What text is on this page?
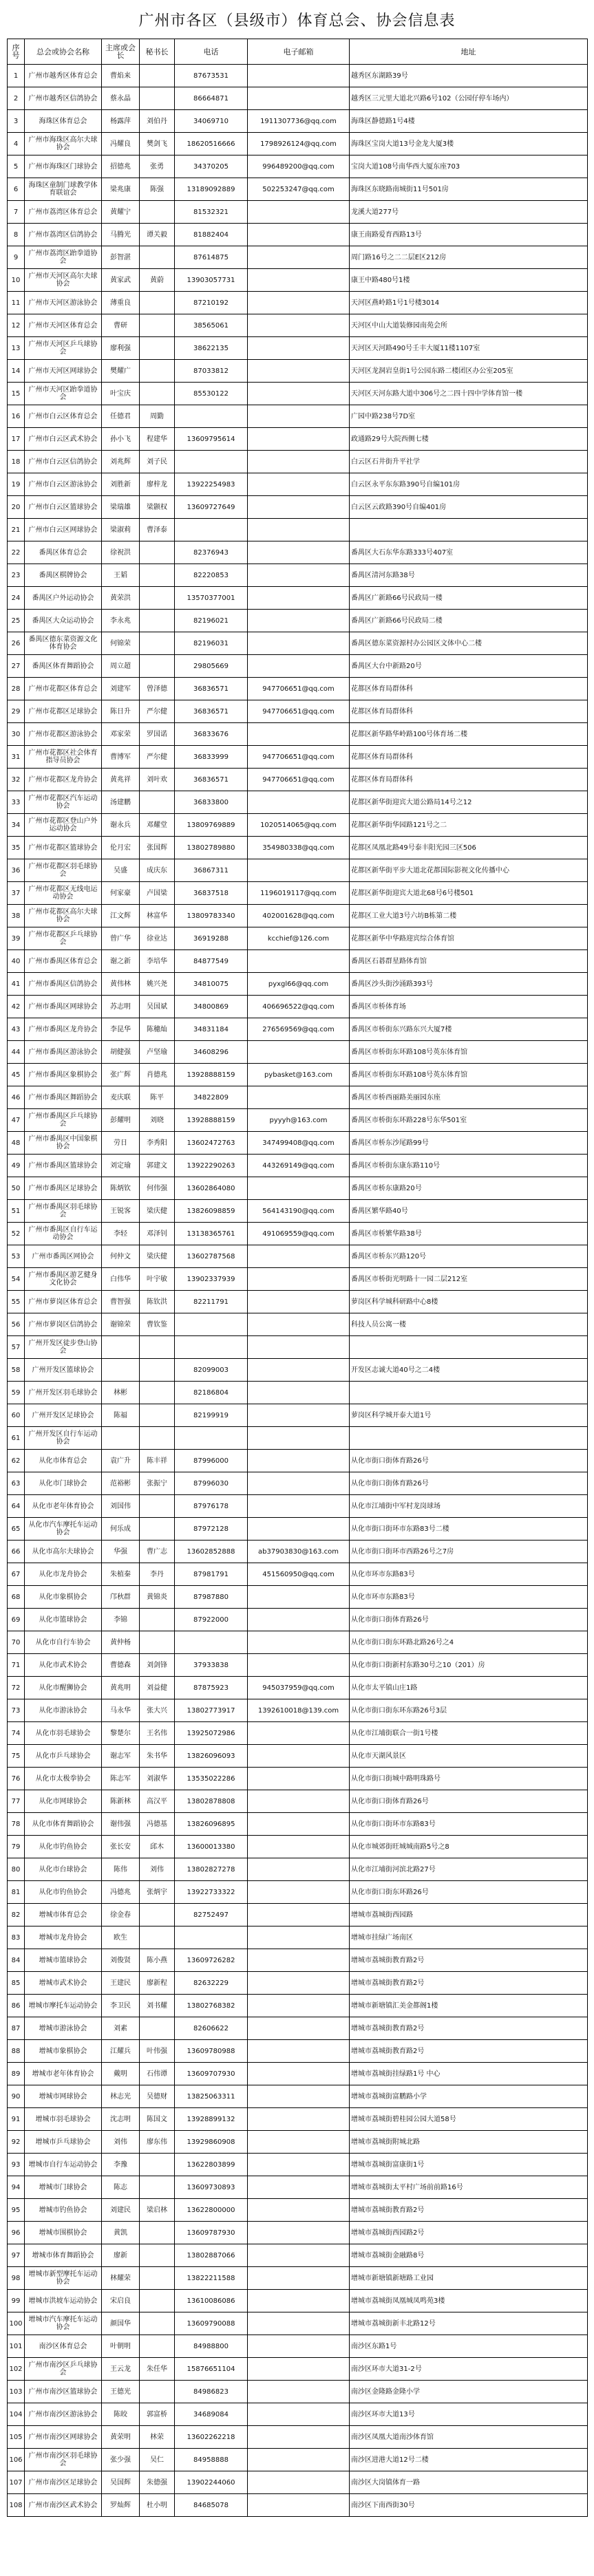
广州市各区（县级市）体育总会、协会信息表
序号	总会或协会名称	主席或会长	秘书长	电话	电子邮箱	地址
1	广州市越秀区体育总会	曹焰来		87673531		越秀区东湖路39号
2	广州市越秀区信鸽协会	蔡永晶		86664871		越秀区三元里大道北兴路6号102（公园仔停车场内）
3	海珠区体育总会	杨露萍	刘伯丹	34069710	1911307736@qq.com	海珠区静德路1号4楼
4	广州市海珠区高尔夫球协会	冯耀良	樊剑飞	18620516666	1798926124@qq.com	海珠区宝岗大道13号金龙大厦3楼
5	广州市海珠区门球协会	招德兆	张勇	34370205	996489200@qq.com	宝岗大道108号南华西大厦东座703
6	海珠区童制门球教学体育联谊会	梁兆康	陈强	13189092889	502253247@qq.com	海珠区东晓路南城街11号501房
7	广州市荔湾区体育总会	黄耀宁		81532321		龙溪大道277号
8	广州市荔湾区信鸽协会	马腾光	谭关毅	81882404		康王南路爱育西路13号
9	广州市荔湾区跆拳道协会	彭智湛		87614875		周门路16号之二二层E区212房
10	广州市天河区高尔夫球协会	黄家武	黄蔚	13903057731		康王中路480号1楼
11	广州市天河区游泳协会	薄重良		87210192		天河区燕岭路1号1号楼3014
12	广州市天河区体育总会	曹研		38565061		天河区中山大道装修园南苑会所
13	广州市天河区乒乓球协会	廖利强		38622135		天河区天河路490号壬丰大厦11楼1107室
14	广州市天河区网球协会	樊耀广		87033812		天河区龙洞岩皇街1号公园东路二楼团区办公室205室
15	广州市天河区跆拳道协会	叶宝庆		85530122		天河区天河东路大道中306号之二四十四中学体育馆一楼
16	广州市白云区体育总会	任德君	周勤			广园中路238号7D室
17	广州市白云区武术协会	孙小飞	程建华	13609795614		政通路29号大院西侧七楼
18	广州市白云区信鸽协会	刘兆辉	刘子民			白云区石井街升平社学
19	广州市白云区游泳协会	刘胜新	廖梓龙	13922254983		白云区永平东东路390号自编101房
20	广州市白云区篮球协会	梁瑞雄	梁颢权	13609727649		白云区云政路390号自编401房
21	广州市白云区网球协会	梁淑莉	曹泽泰			
22	番禺区体育总会	徐祝洪		82376943		番禺区大石东华东路333号407室
23	番禺区棋牌协会	王韬		82220853		番禺区清河东路38号
24	番禺区户外运动协会	黄荣洪		13570377001		番禺区广新路66号民政局一楼
25	番禺区大众运动协会	李永兆		82196021		番禺区广新路66号民政局二楼
26	番禺区德东菜资源文化体育协会	何锦荣		82196031		番禺区德东菜资源村办公园区文体中心二楼
27	番禺区体育舞蹈协会	周立超		29805669		番禺区大台中新路20号
28	广州市花都区体育总会	刘建军	曾泽德	36836571	947706651@qq.com	花都区体育局群体科
29	广州市花都区足球协会	陈日升	严尔健	36836571	947706651@qq.com	花都区体育局群体科
30	广州市花都区游泳协会	邓家荣	罗国诺	36833676		花都区新华路华岭路100号体育场二楼
31	广州市花都区社会体育指导员协会	曹博军	严尔健	36833999	947706651@qq.com	花都区体育局群体科
32	广州市花都区龙舟协会	黄兆祥	刘叶欢	36836571	947706651@qq.com	花都区体育局群体科
33	广州市花都区汽车运动协会	汤建鹏		36833800		花都区新华街迎宾大道公路局14号之12
34	广州市花都区登山户外运动协会	谢永兵	邓耀堂	13809769889	1020514065@qq.com	花都区新华街华园路121号之二
35	广州市花都区篮球协会	伦月宏	张国辉	13802789880	354980338@qq.com	花都区凤凰北路49号泰丰阳光园三区506
36	广州市花都区羽毛球协会	吴盛	成庆东	36867311		花都区新华街平步大道北花都国际影视文化传播中心
37	广州市花都区无线电运动协会	何家豪	卢国梁	36837518	1196019117@qq.com	花都区新华街迎宾大道北68号6号楼501
38	广州市花都区高尔夫球协会	江文辉	林富华	13809783340	402001628@qq.com	花都区工业大道3号六坊B栋第二楼
39	广州市花都区乒乓球协会	曾广华	徐业达	36919288	kcchief@126.com	花都区新华中华路迎宾综合体育馆
40	广州市番禺区体育总会	谢之新	李培华	84877549		番禺区石碁群星路体育馆
41	广州市番禺区信鸽协会	黄伟林	姚兴尧	34810075	pyxgl66@qq.com	番禺区沙头街沙涌路393号
42	广州市番禺区网球协会	苏志明	吴国斌	34800869	406696522@qq.com	番禺区市桥体育场
43	广州市番禺区龙舟协会	李昆华	陈穗灿	34831184	276569569@qq.com	番禺区市桥街东兴路东兴大厦7楼
44	广州市番禺区游泳协会	胡健强	卢坚瑜	34608296		番禺区市桥街东环路108号英东体育馆
45	广州市番禺区象棋协会	张广辉	肖德兆	13928888159	pybasket@163.com	番禺区市桥街东环路108号英东体育馆
46	广州市番禺区舞蹈协会	麦庆联	陈平	34822809		番禺区市桥西丽路美丽园东座
47	广州市番禺区乒乓球协会	彭耀明	刘晓	13928888159	pyyyh@163.com	番禺区市桥街东环路228号东华501室
48	广州市番禺区中国象棋协会	劳日	李秀阳	13602472763	347499408@qq.com	番禺区市桥东沙尾路99号
49	广州市番禺区篮球协会	刘定瑜	郭建文	13922290263	443269149@qq.com	番禺区市桥街东康东路110号
50	广州市番禺区足球协会	陈炳钦	何伟强	13602864080		番禺区市桥东康路20号
51	广州市番禺区羽毛球协会	王锐客	梁庆健	13826098859	564143190@qq.com	番禺区繁华路40号
52	广州市番禺区自行车运动协会	李轻	邓泽钊	13138365761	491069559@qq.com	番禺区市桥繁华路38号
53	广州市番禺区网协会	何仲文	梁庆健	13602787568		番禺区市桥东兴路120号
54	广州市番禺区游艺健身文化协会	白伟华	叶宇敏	13902337939		番禺区市桥街光明路十一园二层212室
55	广州市萝岗区体育总会	曹智强	陈钦洪	82211791		萝岗区科学城科研路中心8楼
56	广州市萝岗区信鸽协会	谢锦荣	曹钦鉴			科技人员公寓一楼
57	广州开发区徒步登山协会					
58	广州开发区篮球协会			82099003		开发区志诚大道40号之二4楼
59	广州开发区羽毛球协会	林彬		82186804		
60	广州开发区足球协会	陈福		82199919		萝岗区科学城开泰大道1号
61	广州开发区自行车运动协会					
62	从化市体育总会	袁广升	陈丰祥	87996000		从化市街口街体育路26号
63	从化市门球协会	范裕彬	张振宁	87996030		从化市街口街体育路26号
64	从化市老年体育协会	刘国伟		87976178		从化市江埔街中军村龙岗球场
65	从化市汽车摩托车运动协会	何乐成		87972128		从化市街口街环市东路83号二楼
66	从化市高尔夫球协会	华强	曹广志	13602852888	ab37903830@163.com	从化市街口街环市西路26号之7房
67	从化市龙舟协会	朱植秦	李丹	87981791	451560950@qq.com	从化市环市东路83号
68	从化市象棋协会	邝秋群	黄锦炎	87987880		从化市环市东路83号
69	从化市篮球协会	李锦		87922000		从化市街口街体育路26号
70	从化市自行车协会	黄仲杨				从化市街口街东环路北路26号之4
71	从化市武术协会	曹德森	刘剑锋	37933838		从化市街口街新村东路30号之10（201）房
72	从化市醒狮协会	黄兆明	刘益健	87875923	945037959@qq.com	从化市太平镇山庄1路
73	从化市游泳协会	马永华	张大兴	13802773917	1392610018@139.com	从化市街口街东环东路26号3层
74	从化市羽毛球协会	黎楚尔	王名伟	13925072986		从化市江埔街联合一街1号楼
75	从化市乒乓球协会	谢志军	朱书华	13826096093		从化市天湖风景区
76	从化市太极拳协会	陈志军	刘淑华	13535022286		从化市街口街城中路明珠路号
77	从化市网球协会	陈新林	高汉平	13802878808		从化市街口街体育路26号
78	从化市体育舞蹈协会	谢伟强	冯德基	13826096895		从化市街口街环市东路83号
79	从化市钓鱼协会	张长安	邱木	13600013380		从化市城郊街旺城城南路5号之8
80	从化市台球协会	陈伟	刘伟	13802827278		从化市江埔街河滨北路27号
81	从化市钓鱼协会	冯德兆	张炳宇	13922733322		从化市街口街东环路26号
82	增城市体育总会	徐金春		82752497		增城市荔城街西园路
83	增城市龙舟协会	欧生				增城市挂绿广场南区
84	增城市篮球协会	刘俊贤	陈小燕	13609726282		增城市荔城街教育路2号
85	增城市武术协会	王建民	廖新程	82632229		增城市荔城街教育路2号
86	增城市摩托车运动协会	李卫民	刘书耀	13802768382		增城市新塘镇汇美金都阁1楼
87	增城市游泳协会	刘素		82606622		增城市荔城街教育路2号
88	增城市象棋协会	江耀兵	叶伟强	13609780988		增城市荔城街教育路2号
89	增城市老年体育协会	戴明	石伟谭	13609707930		增城市荔城街挂绿路1号 中心
90	增城市网球协会	林志光	吴德财	13825063311		增城市荔城街富鹏路小学
91	增城市羽毛球协会	沈志明	陈国文	13928899132		增城市荔城街碧桂园公园大道58号
92	增城市乒乓球协会	刘伟	廖东伟	13929860908		增城市荔城街附城北路
93	增城市自行车运动协会	李豫		13622803899		增城市荔城街富康街1号
94	增城市门球协会	陈志		13609730893		增城市荔城街太平村广场前前路16号
95	增城市钓鱼协会	刘建民	梁启林	13622800000		增城市荔城街教育路2号
96	增城市围棋协会	黄凯		13609787930		增城市荔城街西园路2号
97	增城市体育舞蹈协会	廖新		13802887066		增城市荔城街金融路8号
98	增城市新型摩托车运动协会	林耀荣		13822211588		增城市新塘镇新塘路工业园
99	增城市洪坡车运动协会	宋启良		13610086086		增城市荔城街凤凰城凤鸣苑3楼
100	增城市汽车摩托车运动协会	颜国华		13609790088		增城市荔城街新丰北路12号
101	南沙区体育总会	叶朝明		84988800		南沙区东路1号
102	广州市南沙区乒乓球协会	王云龙	朱任华	15876651104		南沙区环市大道31-2号
103	广州市南沙区篮球协会	王德光		84986823		南沙区金隆路金隆小学
104	广州市南沙区游泳协会	陈皎	郭富桥	34689084		南沙区环市大道13号
105	广州市南沙区网球协会	黄荣明	林荣	13602262218		南沙区凤凰大道南沙体育馆
106	广州市南沙区羽毛球协会	张少强	吴仁	84958888		南沙区进港大道12号二楼
107	广州市南沙区足球协会	吴国辉	朱德强	13902244060		南沙区大岗镇体育一路
108	广州市南沙区武术协会	罗灿辉	杜小明	84685078		南沙区下南西街30号
